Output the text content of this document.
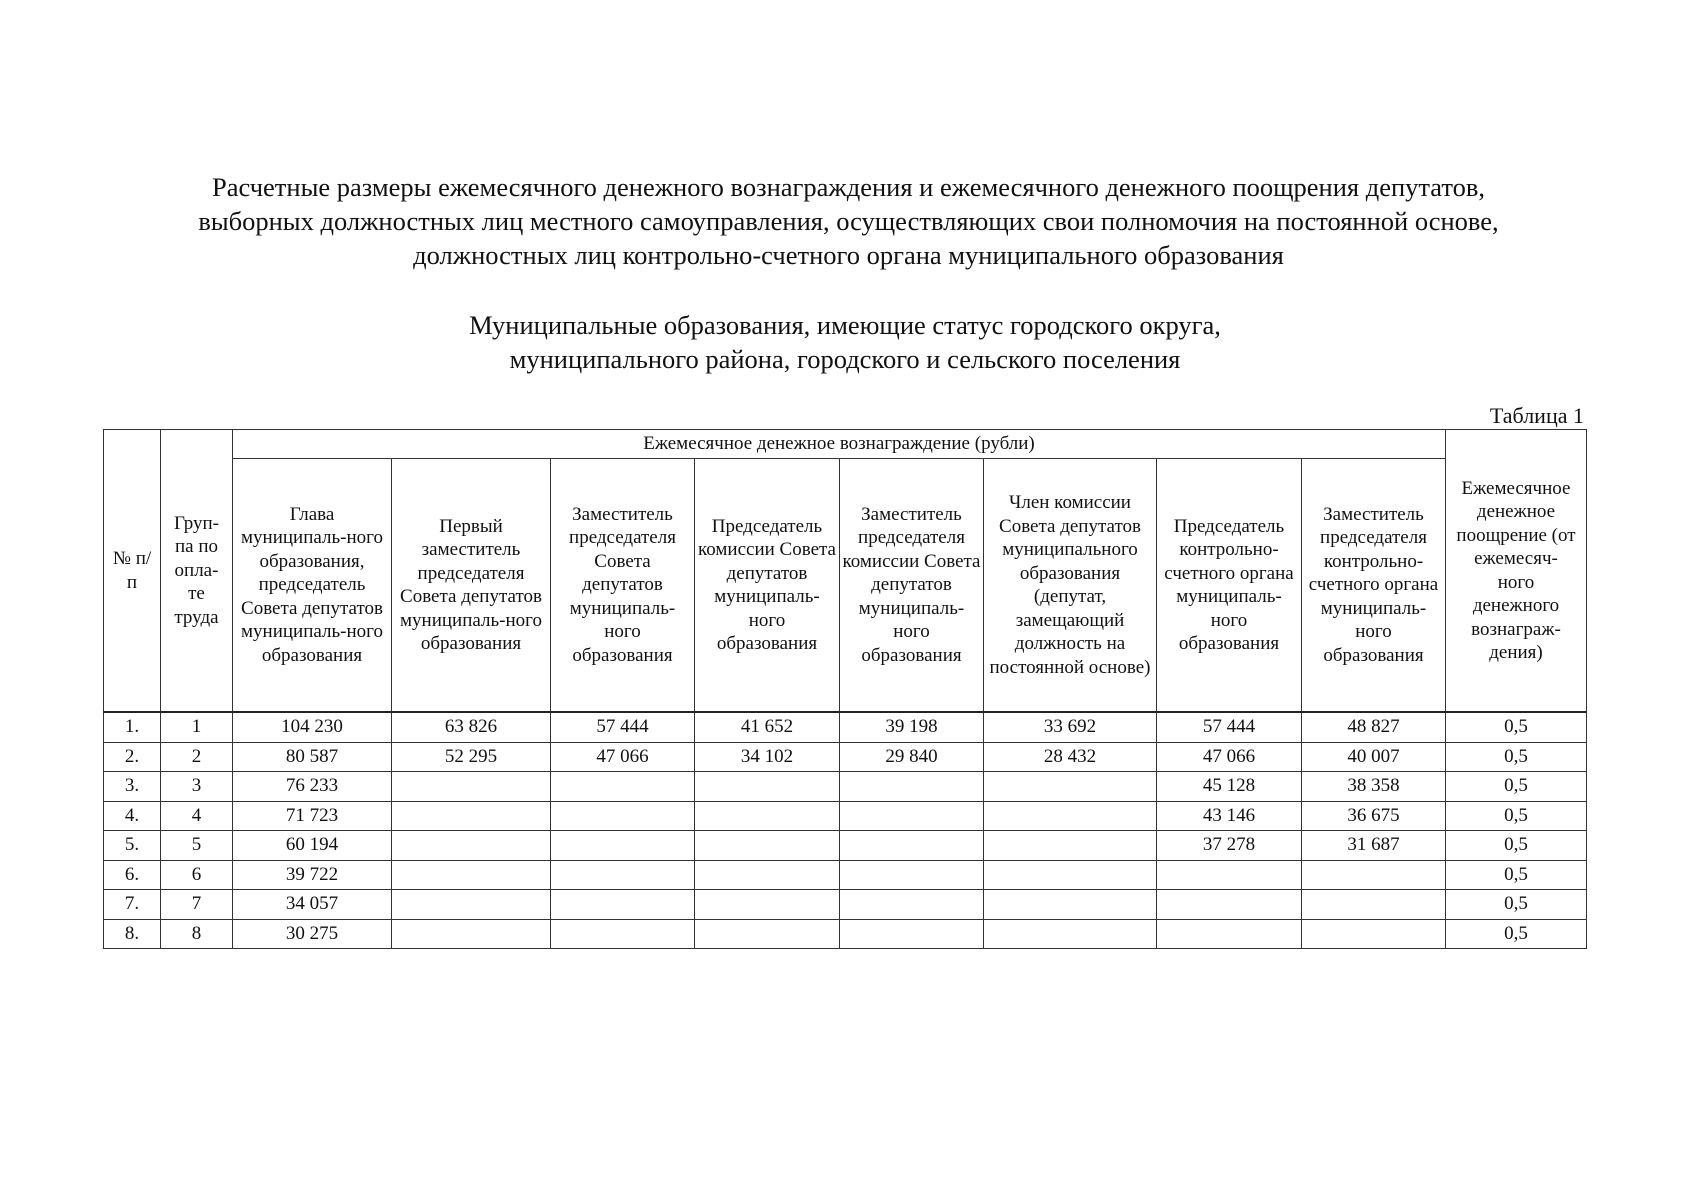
Расчетные размеры ежемесячного денежного вознаграждения и ежемесячного денежного поощрения депутатов,
выборных должностных лиц местного самоуправления, осуществляющих свои полномочия на постоянной основе,
должностных лиц контрольно-счетного органа муниципального образования
Муниципальные образования, имеющие статус городского округа,
муниципального района, городского и сельского поселения
Таблица 1
№ п/п	Груп-па по опла-те труда	Ежемесячное денежное вознаграждение (рубли)								Ежемесячное денежное поощрение (от ежемесяч-ного денежного вознаграж-дения)
		Глава муниципаль-ного образования, председатель Совета депутатов муниципаль-ного образования	Первый заместитель председателя Совета депутатов муниципаль-ного образования	Заместитель председателя Совета депутатов муниципаль-ного образования	Председатель комиссии Совета депутатов муниципаль-ного образования	Заместитель председателя комиссии Совета депутатов муниципаль-ного образования	Член комиссии Совета депутатов муниципального образования (депутат, замещающий должность на постоянной основе)	Председатель контрольно-счетного органа муниципаль-ного образования	Заместитель председателя контрольно-счетного органа муниципаль-ного образования	
1.	1	104 230	63 826	57 444	41 652	39 198	33 692	57 444	48 827	0,5
2.	2	80 587	52 295	47 066	34 102	29 840	28 432	47 066	40 007	0,5
3.	3	76 233						45 128	38 358	0,5
4.	4	71 723						43 146	36 675	0,5
5.	5	60 194						37 278	31 687	0,5
6.	6	39 722								0,5
7.	7	34 057								0,5
8.	8	30 275								0,5
